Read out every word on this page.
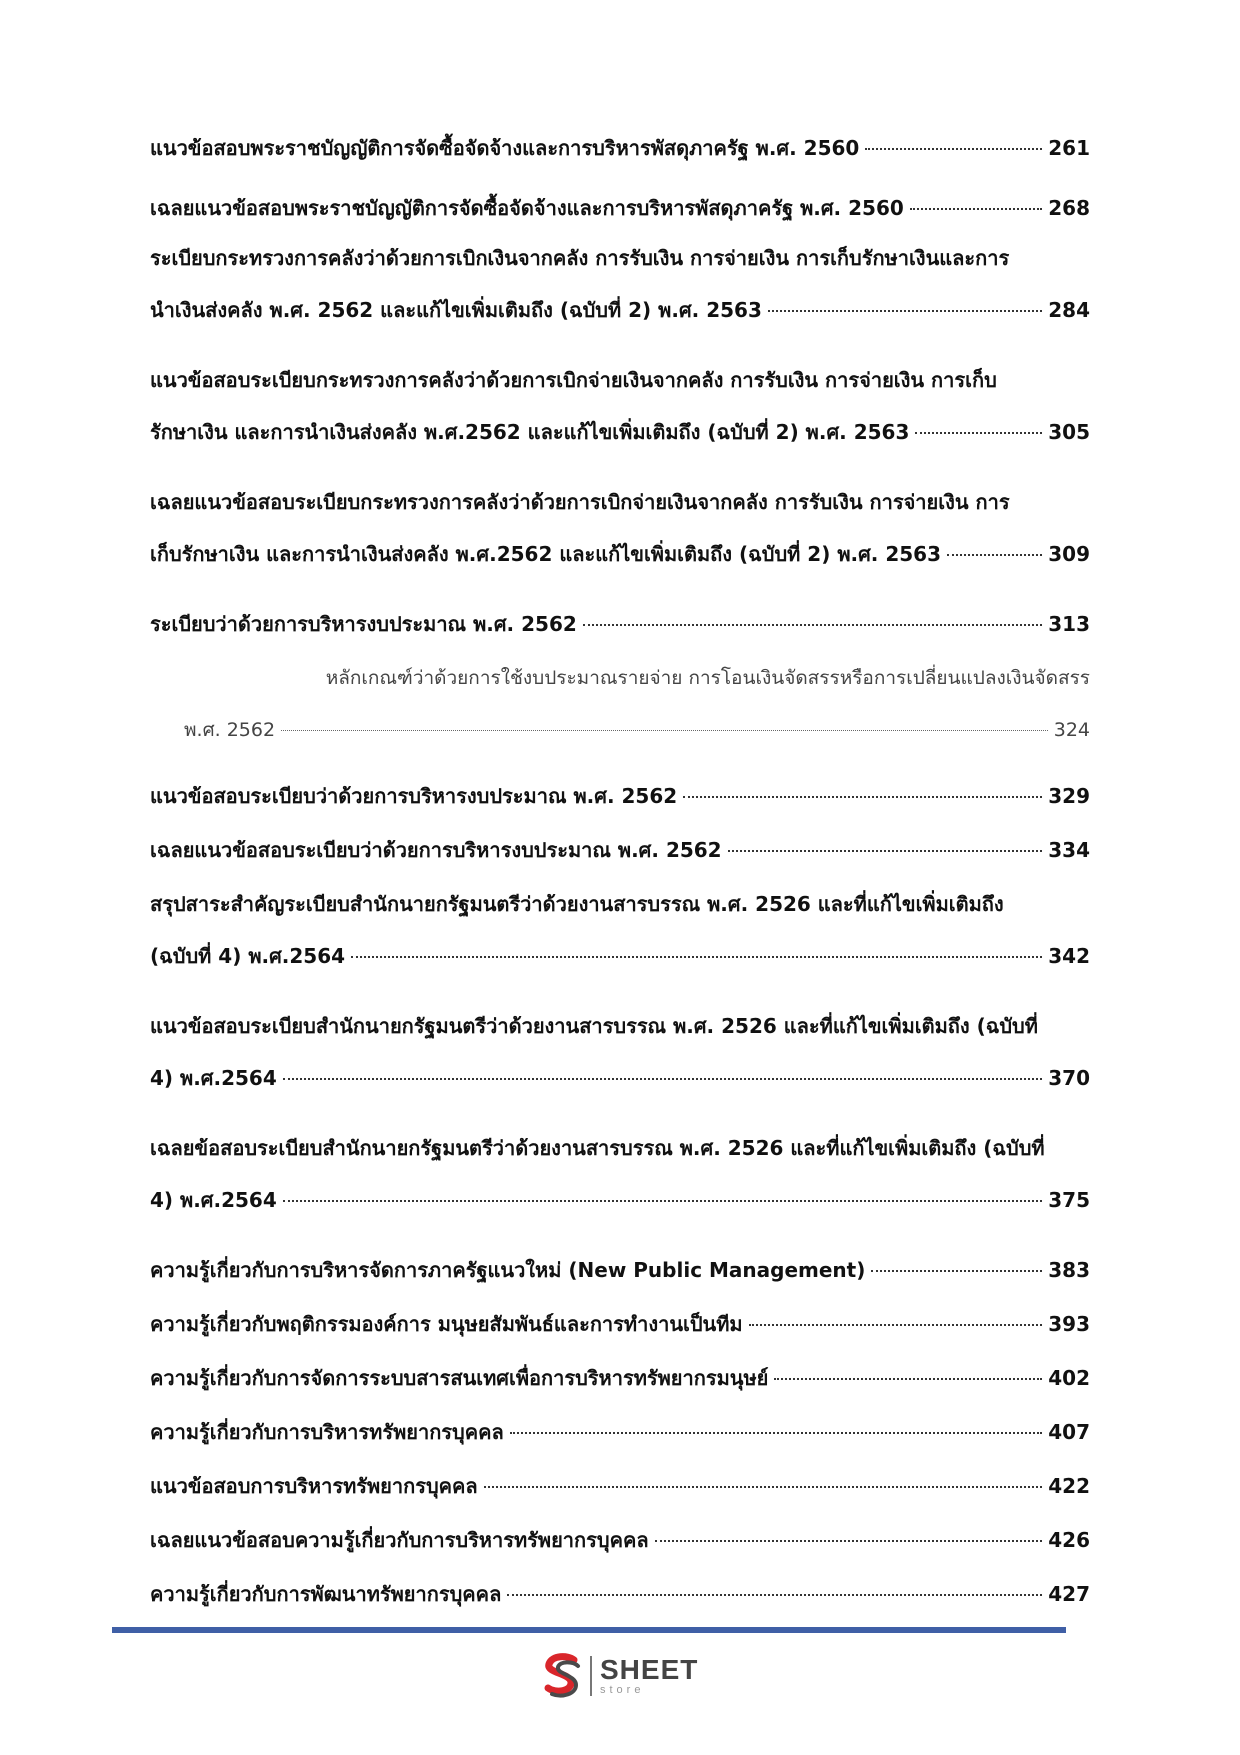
แนวข้อสอบพระราชบัญญัติการจัดซื้อจัดจ้างและการบริหารพัสดุภาครัฐ พ.ศ. 2560	261
เฉลยแนวข้อสอบพระราชบัญญัติการจัดซื้อจัดจ้างและการบริหารพัสดุภาครัฐ พ.ศ. 2560	268
ระเบียบกระทรวงการคลังว่าด้วยการเบิกเงินจากคลัง การรับเงิน การจ่ายเงิน การเก็บรักษาเงินและการ
นำเงินส่งคลัง พ.ศ. 2562 และแก้ไขเพิ่มเติมถึง (ฉบับที่ 2) พ.ศ. 2563	284
แนวข้อสอบระเบียบกระทรวงการคลังว่าด้วยการเบิกจ่ายเงินจากคลัง การรับเงิน การจ่ายเงิน การเก็บ
รักษาเงิน และการนำเงินส่งคลัง พ.ศ.2562 และแก้ไขเพิ่มเติมถึง (ฉบับที่ 2) พ.ศ. 2563	305
เฉลยแนวข้อสอบระเบียบกระทรวงการคลังว่าด้วยการเบิกจ่ายเงินจากคลัง การรับเงิน การจ่ายเงิน การ
เก็บรักษาเงิน และการนำเงินส่งคลัง พ.ศ.2562 และแก้ไขเพิ่มเติมถึง (ฉบับที่ 2) พ.ศ. 2563	309
ระเบียบว่าด้วยการบริหารงบประมาณ พ.ศ. 2562	313
หลักเกณฑ์ว่าด้วยการใช้งบประมาณรายจ่าย การโอนเงินจัดสรรหรือการเปลี่ยนแปลงเงินจัดสรร
พ.ศ. 2562	324
แนวข้อสอบระเบียบว่าด้วยการบริหารงบประมาณ พ.ศ. 2562	329
เฉลยแนวข้อสอบระเบียบว่าด้วยการบริหารงบประมาณ พ.ศ. 2562	334
สรุปสาระสำคัญระเบียบสำนักนายกรัฐมนตรีว่าด้วยงานสารบรรณ พ.ศ. 2526 และที่แก้ไขเพิ่มเติมถึง
(ฉบับที่ 4) พ.ศ.2564	342
แนวข้อสอบระเบียบสำนักนายกรัฐมนตรีว่าด้วยงานสารบรรณ พ.ศ. 2526 และที่แก้ไขเพิ่มเติมถึง (ฉบับที่
4) พ.ศ.2564	370
เฉลยข้อสอบระเบียบสำนักนายกรัฐมนตรีว่าด้วยงานสารบรรณ พ.ศ. 2526 และที่แก้ไขเพิ่มเติมถึง (ฉบับที่
4) พ.ศ.2564	375
ความรู้เกี่ยวกับการบริหารจัดการภาครัฐแนวใหม่ (New Public Management)	383
ความรู้เกี่ยวกับพฤติกรรมองค์การ มนุษยสัมพันธ์และการทำงานเป็นทีม	393
ความรู้เกี่ยวกับการจัดการระบบสารสนเทศเพื่อการบริหารทรัพยากรมนุษย์	402
ความรู้เกี่ยวกับการบริหารทรัพยากรบุคคล	407
แนวข้อสอบการบริหารทรัพยากรบุคคล	422
เฉลยแนวข้อสอบความรู้เกี่ยวกับการบริหารทรัพยากรบุคคล	426
ความรู้เกี่ยวกับการพัฒนาทรัพยากรบุคคล	427
SHEET
store
